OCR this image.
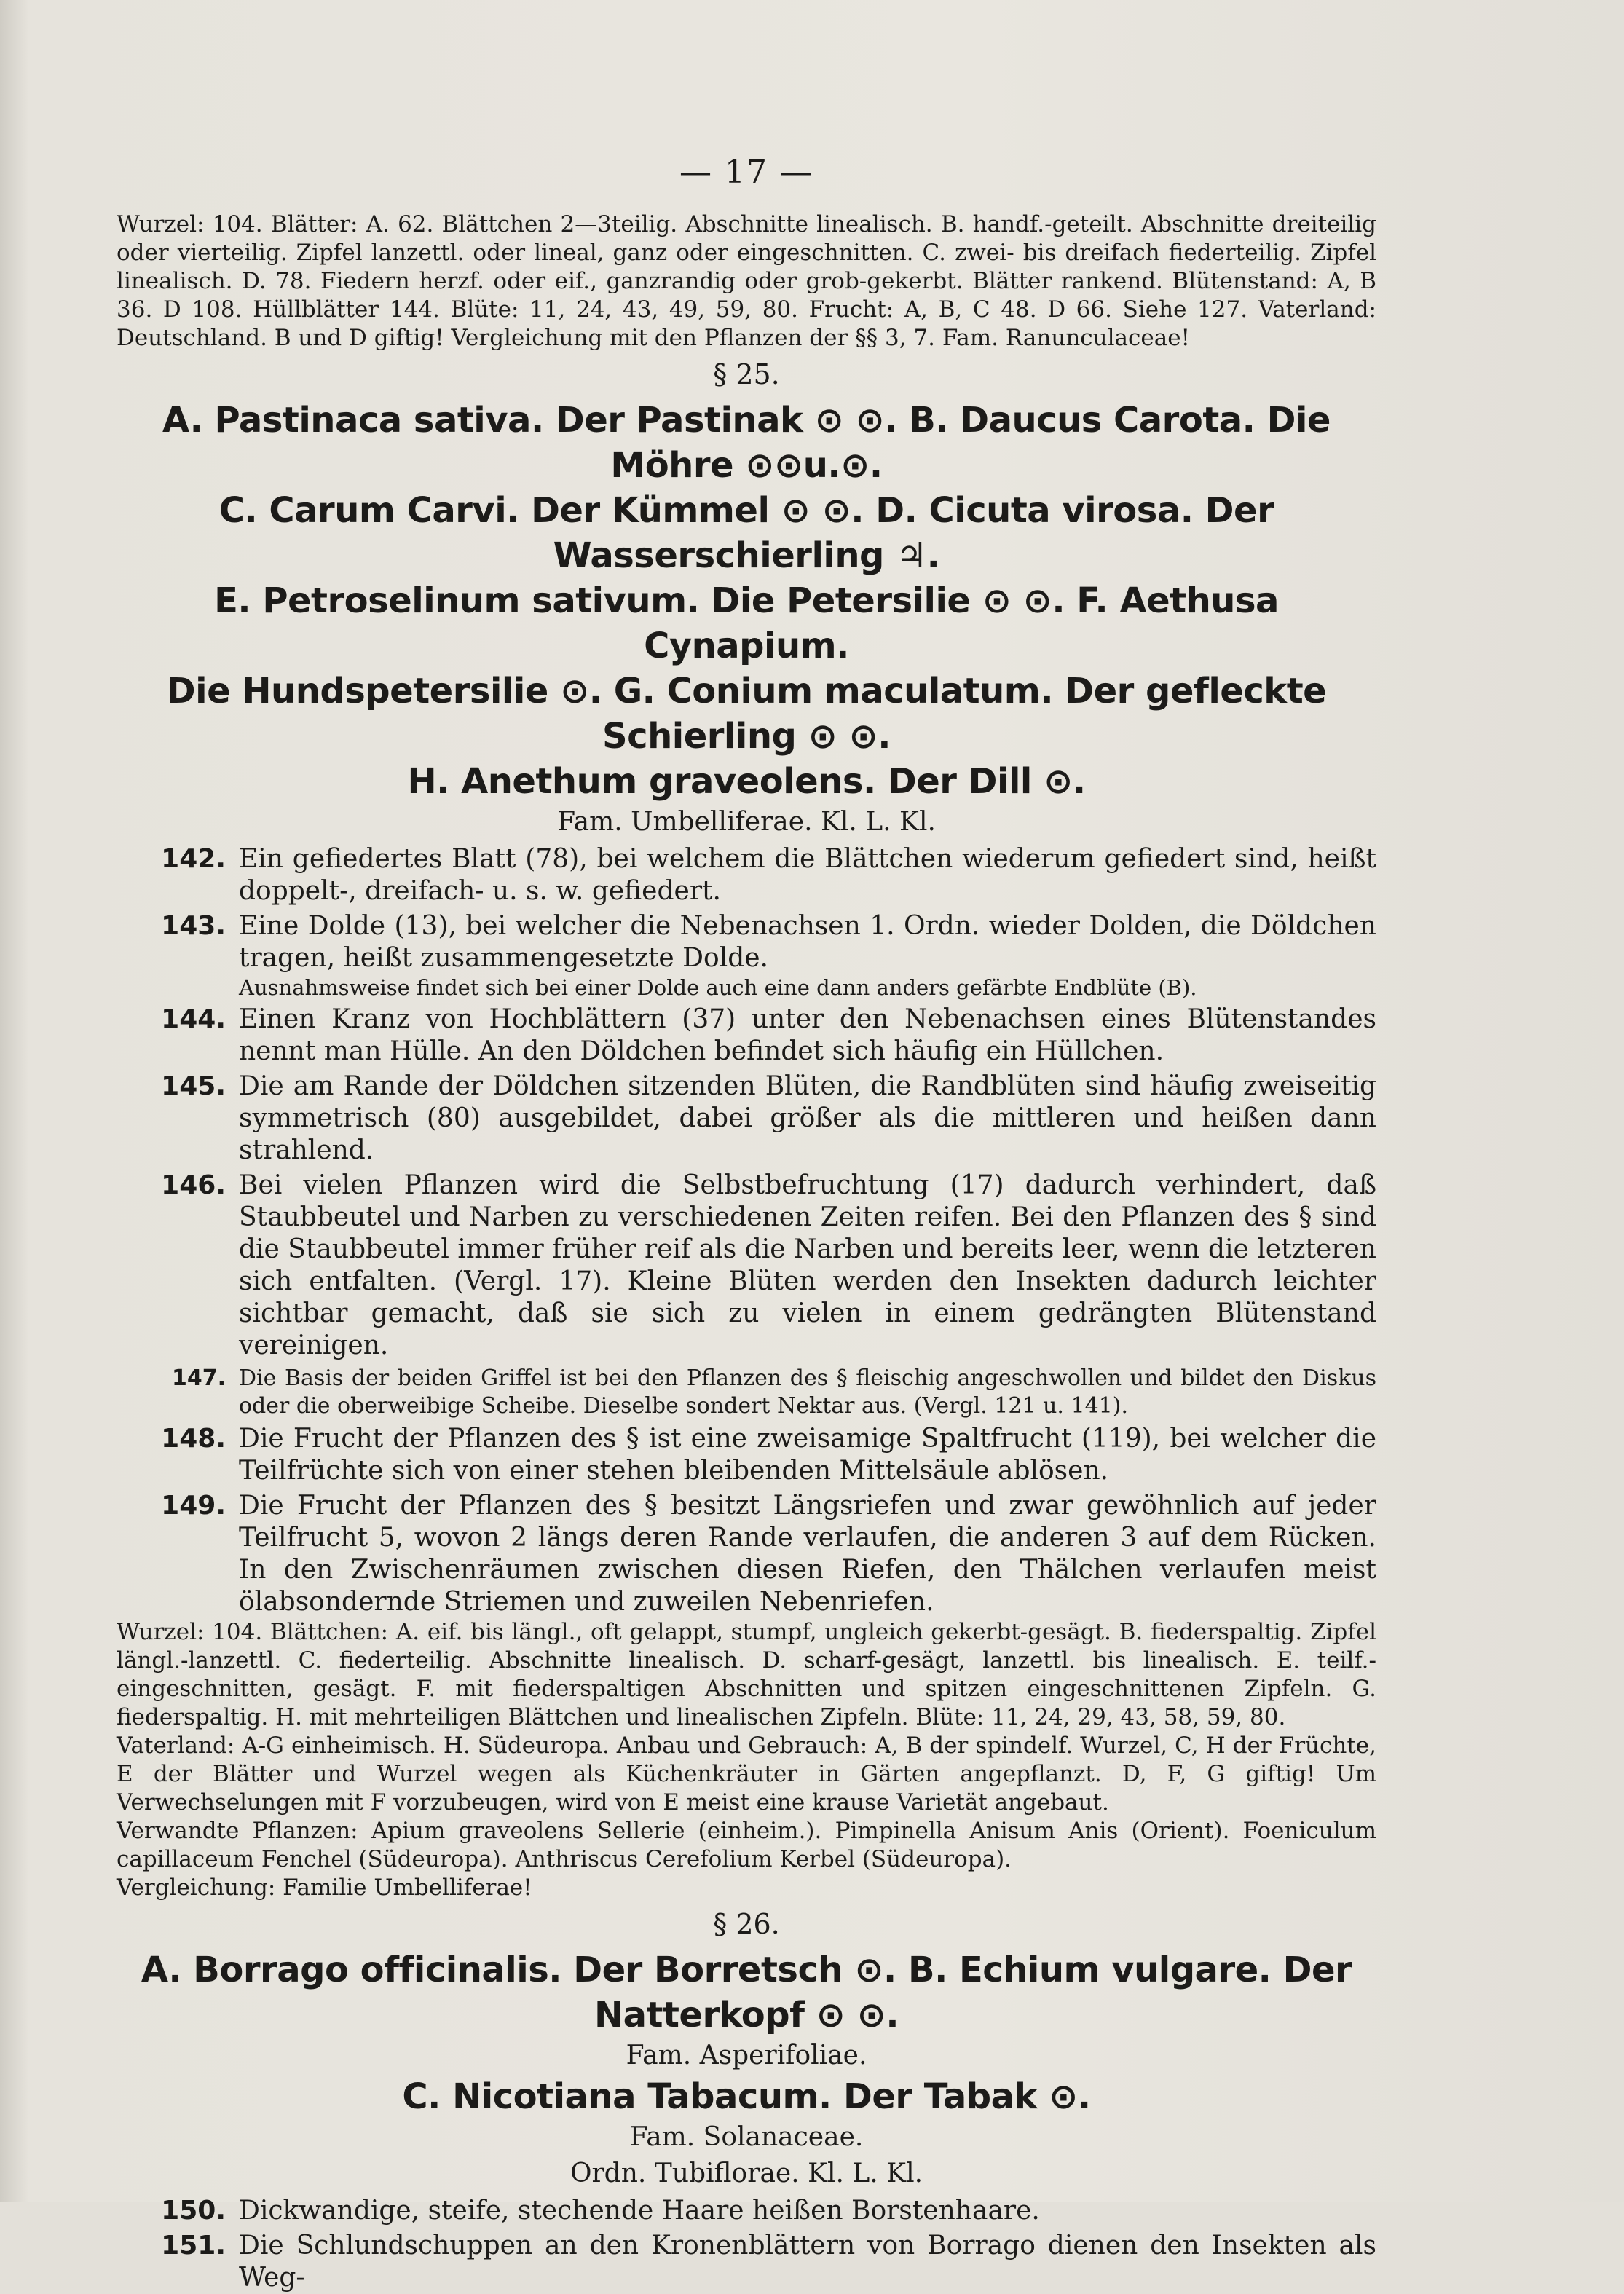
— 17 —
Wurzel: 104. Blätter: A. 62. Blättchen 2—3teilig. Abschnitte linealisch. B. handf.-geteilt. Abschnitte dreiteilig oder vierteilig. Zipfel lanzettl. oder lineal, ganz oder eingeschnitten. C. zwei- bis dreifach fiederteilig. Zipfel linealisch. D. 78. Fiedern herzf. oder eif., ganzrandig oder grob-gekerbt. Blätter rankend. Blütenstand: A, B 36. D 108. Hüllblätter 144. Blüte: 11, 24, 43, 49, 59, 80. Frucht: A, B, C 48. D 66. Siehe 127. Vaterland: Deutschland. B und D giftig! Vergleichung mit den Pflanzen der §§ 3, 7. Fam. Ranunculaceae!
§ 25.
A. Pastinaca sativa. Der Pastinak ⊙ ⊙. B. Daucus Carota. Die Möhre ⊙⊙u.⊙.
C. Carum Carvi. Der Kümmel ⊙ ⊙. D. Cicuta virosa. Der Wasserschierling ♃.
E. Petroselinum sativum. Die Petersilie ⊙ ⊙. F. Aethusa Cynapium.
Die Hundspetersilie ⊙. G. Conium maculatum. Der gefleckte Schierling ⊙ ⊙.
H. Anethum graveolens. Der Dill ⊙.
Fam. Umbelliferae. Kl. L. Kl.
142. Ein gefiedertes Blatt (78), bei welchem die Blättchen wiederum gefiedert sind, heißt doppelt-, dreifach- u. s. w. gefiedert.
143. Eine Dolde (13), bei welcher die Nebenachsen 1. Ordn. wieder Dolden, die Döldchen tragen, heißt zusammengesetzte Dolde.
Ausnahmsweise findet sich bei einer Dolde auch eine dann anders gefärbte Endblüte (B).
144. Einen Kranz von Hochblättern (37) unter den Nebenachsen eines Blütenstandes nennt man Hülle. An den Döldchen befindet sich häufig ein Hüllchen.
145. Die am Rande der Döldchen sitzenden Blüten, die Randblüten sind häufig zweiseitig symmetrisch (80) ausgebildet, dabei größer als die mittleren und heißen dann strahlend.
146. Bei vielen Pflanzen wird die Selbstbefruchtung (17) dadurch verhindert, daß Staubbeutel und Narben zu verschiedenen Zeiten reifen. Bei den Pflanzen des § sind die Staubbeutel immer früher reif als die Narben und bereits leer, wenn die letzteren sich entfalten. (Vergl. 17). Kleine Blüten werden den Insekten dadurch leichter sichtbar gemacht, daß sie sich zu vielen in einem gedrängten Blütenstand vereinigen.
147. Die Basis der beiden Griffel ist bei den Pflanzen des § fleischig angeschwollen und bildet den Diskus oder die oberweibige Scheibe. Dieselbe sondert Nektar aus. (Vergl. 121 u. 141).
148. Die Frucht der Pflanzen des § ist eine zweisamige Spaltfrucht (119), bei welcher die Teilfrüchte sich von einer stehen bleibenden Mittelsäule ablösen.
149. Die Frucht der Pflanzen des § besitzt Längsriefen und zwar gewöhnlich auf jeder Teilfrucht 5, wovon 2 längs deren Rande verlaufen, die anderen 3 auf dem Rücken. In den Zwischenräumen zwischen diesen Riefen, den Thälchen verlaufen meist ölabsondernde Striemen und zuweilen Nebenriefen.
Wurzel: 104. Blättchen: A. eif. bis längl., oft gelappt, stumpf, ungleich gekerbt-gesägt. B. fiederspaltig. Zipfel längl.-lanzettl. C. fiederteilig. Abschnitte linealisch. D. scharf-gesägt, lanzettl. bis linealisch. E. teilf.-eingeschnitten, gesägt. F. mit fiederspaltigen Abschnitten und spitzen eingeschnittenen Zipfeln. G. fiederspaltig. H. mit mehrteiligen Blättchen und linealischen Zipfeln. Blüte: 11, 24, 29, 43, 58, 59, 80.
Vaterland: A-G einheimisch. H. Südeuropa. Anbau und Gebrauch: A, B der spindelf. Wurzel, C, H der Früchte, E der Blätter und Wurzel wegen als Küchenkräuter in Gärten angepflanzt. D, F, G giftig! Um Verwechselungen mit F vorzubeugen, wird von E meist eine krause Varietät angebaut.
Verwandte Pflanzen: Apium graveolens Sellerie (einheim.). Pimpinella Anisum Anis (Orient). Foeniculum capillaceum Fenchel (Südeuropa). Anthriscus Cerefolium Kerbel (Südeuropa).
Vergleichung: Familie Umbelliferae!
§ 26.
A. Borrago officinalis. Der Borretsch ⊙. B. Echium vulgare. Der Natterkopf ⊙ ⊙.
Fam. Asperifoliae.
C. Nicotiana Tabacum. Der Tabak ⊙.
Fam. Solanaceae.
Ordn. Tubiflorae. Kl. L. Kl.
150. Dickwandige, steife, stechende Haare heißen Borstenhaare.
151. Die Schlundschuppen an den Kronenblättern von Borrago dienen den Insekten als Weg-
